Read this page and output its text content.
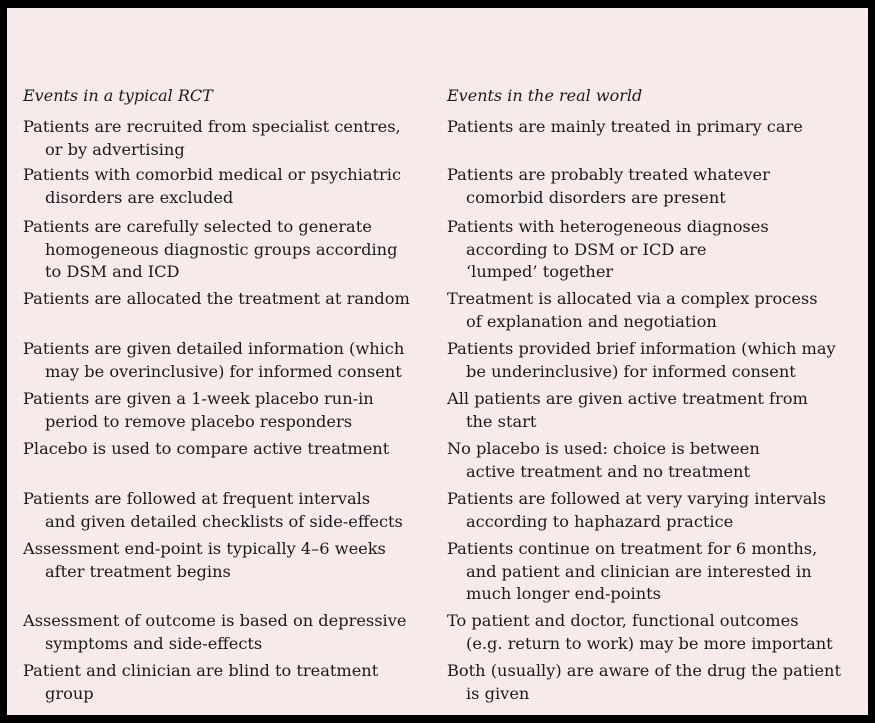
Events in a typical RCT
Patients are recruited from specialist centres,
or by advertising
Patients with comorbid medical or psychiatric
disorders are excluded
Patients are carefully selected to generate
homogeneous diagnostic groups according
to DSM and ICD
Patients are allocated the treatment at random
Patients are given detailed information (which
may be overinclusive) for informed consent
Patients are given a 1-week placebo run-in
period to remove placebo responders
Placebo is used to compare active treatment
Patients are followed at frequent intervals
and given detailed checklists of side-effects
Assessment end-point is typically 4–6 weeks
after treatment begins
Assessment of outcome is based on depressive
symptoms and side-effects
Patient and clinician are blind to treatment
group
Events in the real world
Patients are mainly treated in primary care
Patients are probably treated whatever
comorbid disorders are present
Patients with heterogeneous diagnoses
according to DSM or ICD are
‘lumped’ together
Treatment is allocated via a complex process
of explanation and negotiation
Patients provided brief information (which may
be underinclusive) for informed consent
All patients are given active treatment from
the start
No placebo is used: choice is between
active treatment and no treatment
Patients are followed at very varying intervals
according to haphazard practice
Patients continue on treatment for 6 months,
and patient and clinician are interested in
much longer end-points
To patient and doctor, functional outcomes
(e.g. return to work) may be more important
Both (usually) are aware of the drug the patient
is given
